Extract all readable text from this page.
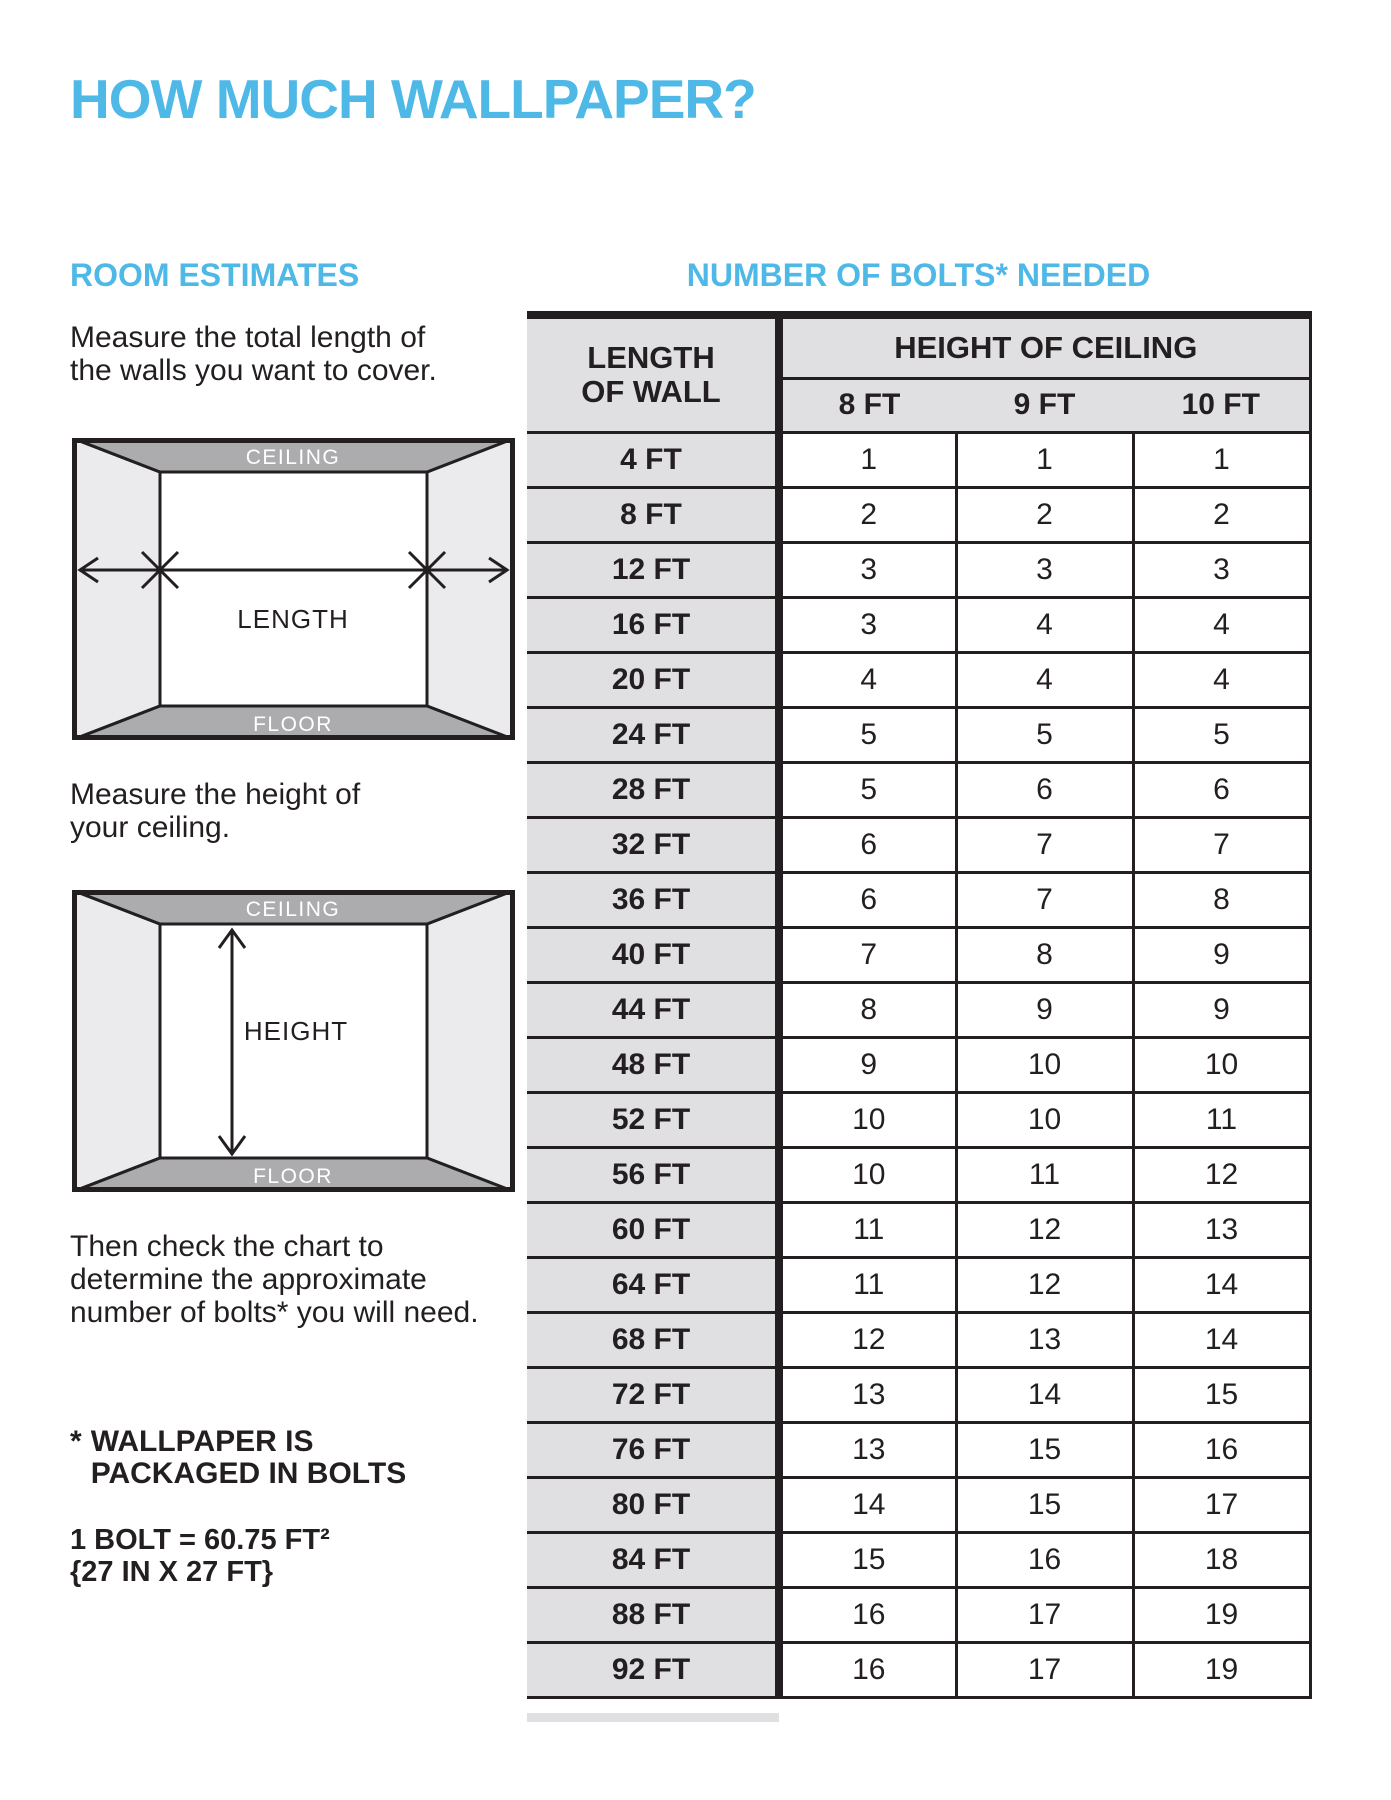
HOW MUCH WALLPAPER?
ROOM ESTIMATES

Measure the total length of
the walls you want to cover.

CEILING
LENGTH
FLOOR

Measure the height of
your ceiling.

CEILING
HEIGHT
FLOOR

Then check the chart to
determine the approximate
number of bolts* you will need.

* WALLPAPER IS
PACKAGED IN BOLTS
1 BOLT = 60.75 FT²
{27 IN X 27 FT}
NUMBER OF BOLTS* NEEDED
LENGTH
OF WALL	HEIGHT OF CEILING		
	8 FT	9 FT	10 FT
4 FT	1	1	1
8 FT	2	2	2
12 FT	3	3	3
16 FT	3	4	4
20 FT	4	4	4
24 FT	5	5	5
28 FT	5	6	6
32 FT	6	7	7
36 FT	6	7	8
40 FT	7	8	9
44 FT	8	9	9
48 FT	9	10	10
52 FT	10	10	11
56 FT	10	11	12
60 FT	11	12	13
64 FT	11	12	14
68 FT	12	13	14
72 FT	13	14	15
76 FT	13	15	16
80 FT	14	15	17
84 FT	15	16	18
88 FT	16	17	19
92 FT	16	17	19
